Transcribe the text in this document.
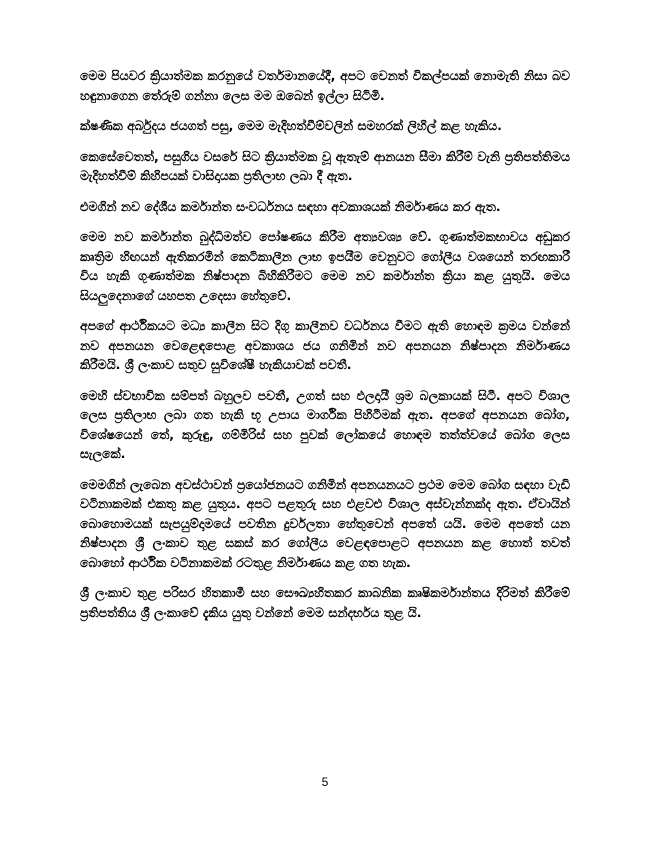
මෙම පියවර ක්‍රියාත්මක කරනුයේ වර්තමානයේදී, අපට වෙනත් විකල්පයක් නොමැති නිසා බව හඳුනාගෙන තේරුම් ගන්නා ලෙස මම ඔබෙන් ඉල්ලා සිටිමි.

ක්ෂණික අර්බුදය ජයගත් පසු, මෙම මැදිහත්වීම්වලින් සමහරක් ලිහිල් කළ හැකිය.

කෙසේවෙතත්, පසුගිය වසරේ සිට ක්‍රියාත්මක වූ ඇතැම් ආනයන සීමා කිරීම් වැනි ප්‍රතිපත්තිමය මැදිහත්වීම් කිහිපයක් වාසිදායක ප්‍රතිලාභ ලබා දී ඇත.

එමගින් නව දේශීය කර්මාන්ත සංවර්ධනය සඳහා අවකාශයක් නිර්මාණය කර ඇත.

මෙම නව කර්මාන්ත බුද්ධිමත්ව පෝෂණය කිරීම අත්‍යවශ්‍ය වේ. ගුණාත්මකභාවය අඩුකර කෘත්‍රිම හිඟයන් ඇතිකරමින් කෙටිකාලීන ලාභ ඉපයීම වෙනුවට ගෝලීය වශයෙන් තරඟකාරී විය හැකි ගුණාත්මක නිෂ්පාදන බිහිකිරීමට මෙම නව කර්මාන්ත ක්‍රියා කළ යුතුයි. මෙය සියලුදෙනාගේ යහපත උදෙසා හේතුවේ.

අපගේ ආර්ථිකයට මධ්‍ය කාලීන සිට දිගු කාලීනව වර්ධනය වීමට ඇති හොඳම ක්‍රමය වන්නේ නව අපනයන වෙළෙඳපොළ අවකාශය ජය ගනිමින් නව අපනයන නිෂ්පාදන නිර්මාණය කිරීමයි. ශ්‍රී ලංකාව සතුව සුවිශේෂී හැකියාවක් පවතී.

මෙහි ස්වභාවික සම්පත් බහුලව පවතී, උගත් සහ ඵලදායී ශ්‍රම බලකායක් සිටී. අපට විශාල ලෙස ප්‍රතිලාභ ලබා ගත හැකි භූ උපාය මාර්ගික පිහිටීමක් ඇත. අපගේ අපනයන බෝග, විශේෂයෙන් තේ, කුරුඳු, ගම්මිරිස් සහ පුවක් ලෝකයේ හොඳම තත්ත්වයේ බෝග ලෙස සැලකේ.

මෙමගින් ලැබෙන අවස්ථාවන් ප්‍රයෝජනයට ගනිමින් අපනයනයට ප්‍රථම මෙම බෝග සඳහා වැඩි වටිනාකමක් එකතු කළ යුතුය. අපට පළතුරු සහ එළවළු විශාල අස්වැන්නක්ද ඇත. ඒවායින් බොහොමයක් සැපයුම්දාමයේ පවතින දුර්වලතා හේතුවෙන් අපතේ යයි. මෙම අපතේ යන නිෂ්පාදන ශ්‍රී ලංකාව තුළ සකස් කර ගෝලීය වෙළඳපොළට අපනයන කළ හොත් තවත් බොහෝ ආර්ථික වටිනාකමක් රටතුළ නිර්මාණය කළ ගත හැක.

ශ්‍රී ලංකාව තුළ පරිසර හිතකාමී සහ සෞඛ්‍යහිතකර කාබනික කෘෂිකර්මාන්තය දිරිමත් කිරීමේ ප්‍රතිපත්තිය ශ්‍රී ලංකාවේ දැකිය යුතු වන්නේ මෙම සන්දර්භය තුළ යි.

5
